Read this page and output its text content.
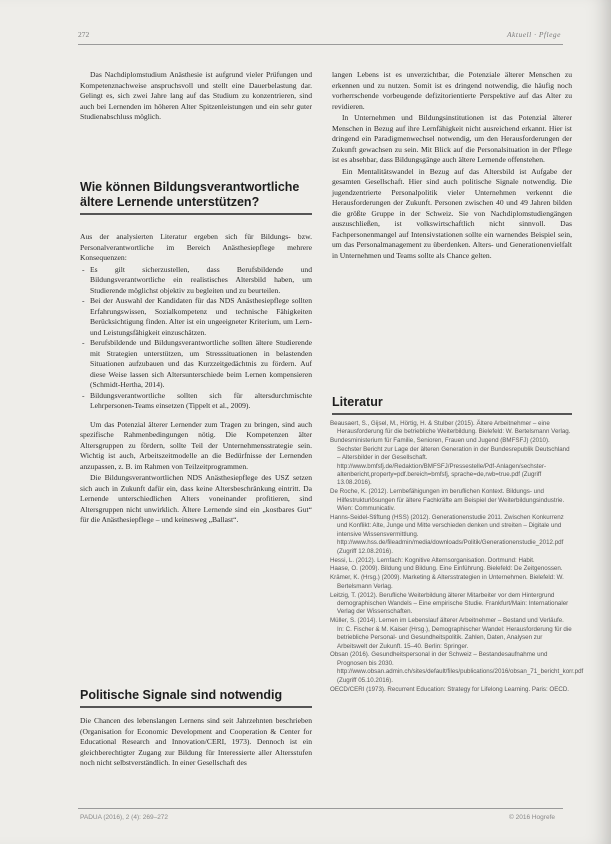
272	Aktuell · Pflege

Das Nachdiplomstudium Anästhesie ist aufgrund vieler Prüfungen und Kompetenznachweise anspruchsvoll und stellt eine Dauerbelastung dar. Gelingt es, sich zwei Jahre lang auf das Studium zu konzentrieren, sind auch bei Lernenden im höheren Alter Spitzenleistungen und ein sehr guter Studienabschluss möglich.

Wie können Bildungsverantwortliche ältere Lernende unterstützen?

Aus der analysierten Literatur ergeben sich für Bildungs- bzw. Personalverantwortliche im Bereich Anästhesiepflege mehrere Konsequenzen:

- Es gilt sicherzustellen, dass Berufsbildende und Bildungsverantwortliche ein realistisches Altersbild haben, um Studierende möglichst objektiv zu begleiten und zu beurteilen.
- Bei der Auswahl der Kandidaten für das NDS Anästhesiepflege sollten Erfahrungswissen, Sozialkompetenz und technische Fähigkeiten Berücksichtigung finden. Alter ist ein ungeeigneter Kriterium, um Lern- und Leistungsfähigkeit einzuschätzen.
- Berufsbildende und Bildungsverantwortliche sollten ältere Studierende mit Strategien unterstützen, um Stresssituationen in belastenden Situationen aufzubauen und das Kurzzeitgedächtnis zu fördern. Auf diese Weise lassen sich Altersunterschiede beim Lernen kompensieren (Schmidt-Hertha, 2014).
- Bildungsverantwortliche sollten sich für altersdurchmischte Lehrpersonen-Teams einsetzen (Tippelt et al., 2009).

Um das Potenzial älterer Lernender zum Tragen zu bringen, sind auch spezifische Rahmenbedingungen nötig. Die Kompetenzen älter Altersgruppen zu fördern, sollte Teil der Unternehmensstrategie sein. Wichtig ist auch, Arbeitszeitmodelle an die Bedürfnisse der Lernenden anzupassen, z. B. im Rahmen von Teilzeitprogrammen.

Die Bildungsverantwortlichen NDS Anästhesiepflege des USZ setzen sich auch in Zukunft dafür ein, dass keine Altersbeschränkung eintritt. Da Lernende unterschiedlichen Alters voneinander profitieren, sind Altersgruppen nicht unwirklich. Ältere Lernende sind ein „kostbares Gut“ für die Anästhesiepflege – und keinesweg „Ballast“.

Politische Signale sind notwendig

Die Chancen des lebenslangen Lernens sind seit Jahrzehnten beschrieben (Organisation for Economic Development and Cooperation & Center for Educational Research and Innovation/CERI, 1973). Dennoch ist ein gleichberechtigter Zugang zur Bildung für Interessierte aller Altersstufen noch nicht selbstverständlich. In einer Gesellschaft des

langen Lebens ist es unverzichtbar, die Potenziale älterer Menschen zu erkennen und zu nutzen. Somit ist es dringend notwendig, die häufig noch vorherrschende vorbeugende defizitorientierte Perspektive auf das Alter zu revidieren.

In Unternehmen und Bildungsinstitutionen ist das Potenzial älterer Menschen in Bezug auf ihre Lernfähigkeit nicht ausreichend erkannt. Hier ist dringend ein Paradigmenwechsel notwendig, um den Herausforderungen der Zukunft gewachsen zu sein. Mit Blick auf die Personalsituation in der Pflege ist es absehbar, dass Bildungsgänge auch ältere Lernende offenstehen.

Ein Mentalitätswandel in Bezug auf das Altersbild ist Aufgabe der gesamten Gesellschaft. Hier sind auch politische Signale notwendig. Die jugendzentrierte Personalpolitik vieler Unternehmen verkennt die Herausforderungen der Zukunft. Personen zwischen 40 und 49 Jahren bilden die größte Gruppe in der Schweiz. Sie von Nachdiplomstudiengängen auszuschließen, ist volkswirtschaftlich nicht sinnvoll. Das Fachpersonenmangel auf Intensivstationen sollte ein warnendes Beispiel sein, um das Personalmanagement zu überdenken. Alters- und Generationenvielfalt in Unternehmen und Teams sollte als Chance gelten.

Literatur
Beausaert, S., Gijsel, M., Hörtig, H. & Stulber (2015). Ältere Arbeitnehmer – eine Herausforderung für die betriebliche Weiterbildung. Bielefeld: W. Bertelsmann Verlag.
Bundesministerium für Familie, Senioren, Frauen und Jugend (BMFSFJ) (2010). Sechster Bericht zur Lage der älteren Generation in der Bundesrepublik Deutschland – Altersbilder in der Gesellschaft. http://www.bmfsfj.de/Redaktion/BMFSFJ/Pressestelle/Pdf-Anlagen/sechster-altenbericht,property=pdf.bereich=bmfsfj, sprache=de,rwb=true.pdf (Zugriff 13.08.2016).
De Roche, K. (2012). Lernbefähigungen im beruflichen Kontext. Bildungs- und Hilfestrukturlösungen für ältere Fachkräfte am Beispiel der Weiterbildungsindustrie. Wien: Communicativ.
Hanns-Seidel-Stiftung (HSS) (2012). Generationenstudie 2011. Zwischen Konkurrenz und Konflikt: Alte, Junge und Mitte verschieden denken und streiten – Digitale und intensive Wissensvermittlung. http://www.hss.de/fileadmin/media/downloads/Politik/Generationenstudie_2012.pdf (Zugriff 12.08.2016).
Hessi, L. (2012). Lernfach: Kognitive Alternsorganisation. Dortmund: Habit.
Haase, O. (2009). Bildung und Bildung. Eine Einführung. Bielefeld: De Zeitgenossen.
Krämer, K. (Hrsg.) (2009). Marketing & Altersstrategien in Unternehmen. Bielefeld: W. Bertelsmann Verlag.
Leitzig, T. (2012). Berufliche Weiterbildung älterer Mitarbeiter vor dem Hintergrund demographischen Wandels – Eine empirische Studie. Frankfurt/Main: Internationaler Verlag der Wissenschaften.
Müller, S. (2014). Lernen im Lebenslauf älterer Arbeitnehmer – Bestand und Verläufe. In: C. Fischer & M. Kaiser (Hrsg.), Demographischer Wandel: Herausforderung für die betriebliche Personal- und Gesundheitspolitik. Zahlen, Daten, Analysen zur Arbeitswelt der Zukunft. 15–40. Berlin: Springer.
Obsan (2016). Gesundheitspersonal in der Schweiz – Bestandesaufnahme und Prognosen bis 2030. http://www.obsan.admin.ch/sites/default/files/publications/2016/obsan_71_bericht_korr.pdf (Zugriff 05.10.2016).
OECD/CERI (1973). Recurrent Education: Strategy for Lifelong Learning. Paris: OECD.
PADUA (2016), 2 (4): 269–272	© 2016 Hogrefe
